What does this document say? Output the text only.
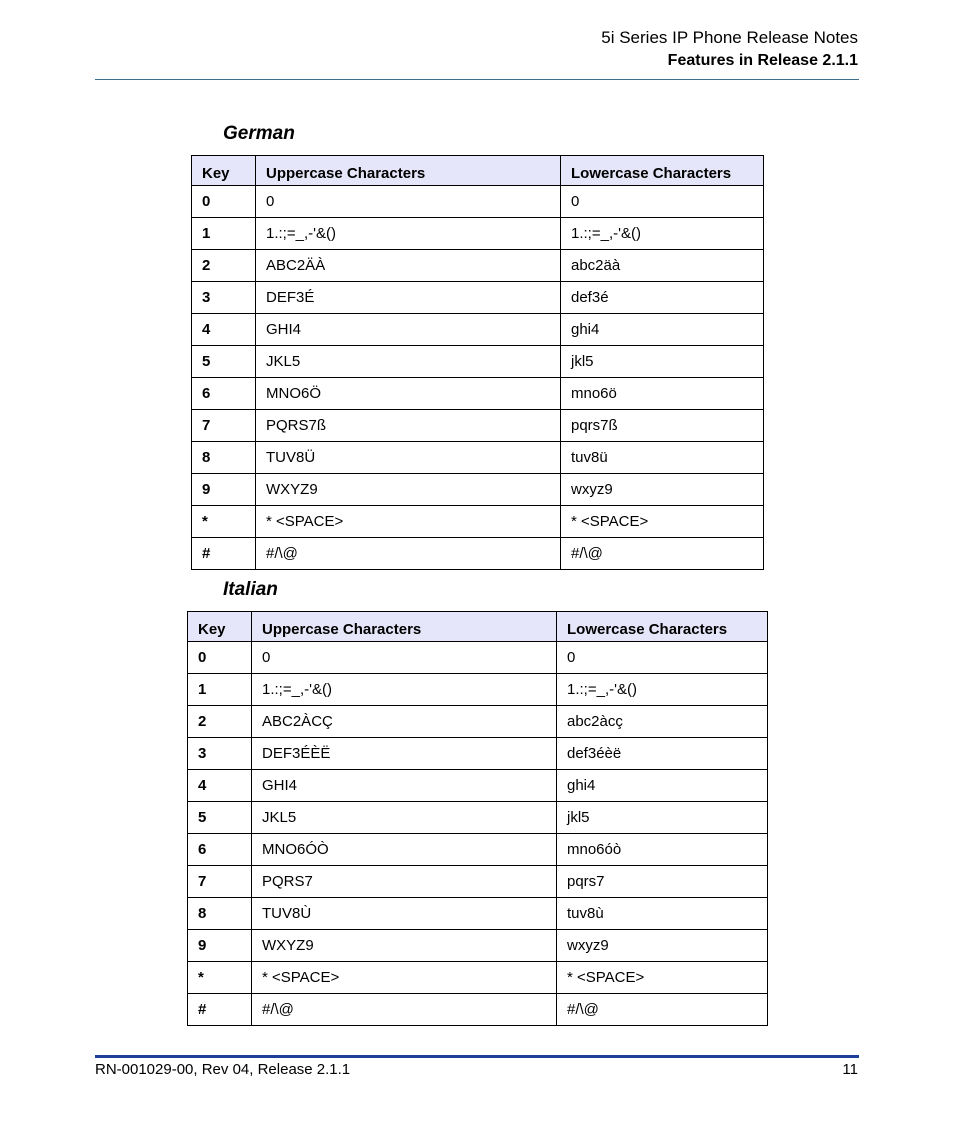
5i Series IP Phone Release Notes
Features in Release 2.1.1
German
Key	Uppercase Characters	Lowercase Characters
0	0	0
1	1.:;=_,-'&()	1.:;=_,-'&()
2	ABC2ÄÀ	abc2äà
3	DEF3É	def3é
4	GHI4	ghi4
5	JKL5	jkl5
6	MNO6Ö	mno6ö
7	PQRS7ß	pqrs7ß
8	TUV8Ü	tuv8ü
9	WXYZ9	wxyz9
*	* <SPACE>	* <SPACE>
#	#/\@	#/\@
Italian
Key	Uppercase Characters	Lowercase Characters
0	0	0
1	1.:;=_,-'&()	1.:;=_,-'&()
2	ABC2ÀCÇ	abc2àcç
3	DEF3ÉÈË	def3éèë
4	GHI4	ghi4
5	JKL5	jkl5
6	MNO6ÓÒ	mno6óò
7	PQRS7	pqrs7
8	TUV8Ù	tuv8ù
9	WXYZ9	wxyz9
*	* <SPACE>	* <SPACE>
#	#/\@	#/\@
RN-001029-00, Rev 04, Release 2.1.1	11
